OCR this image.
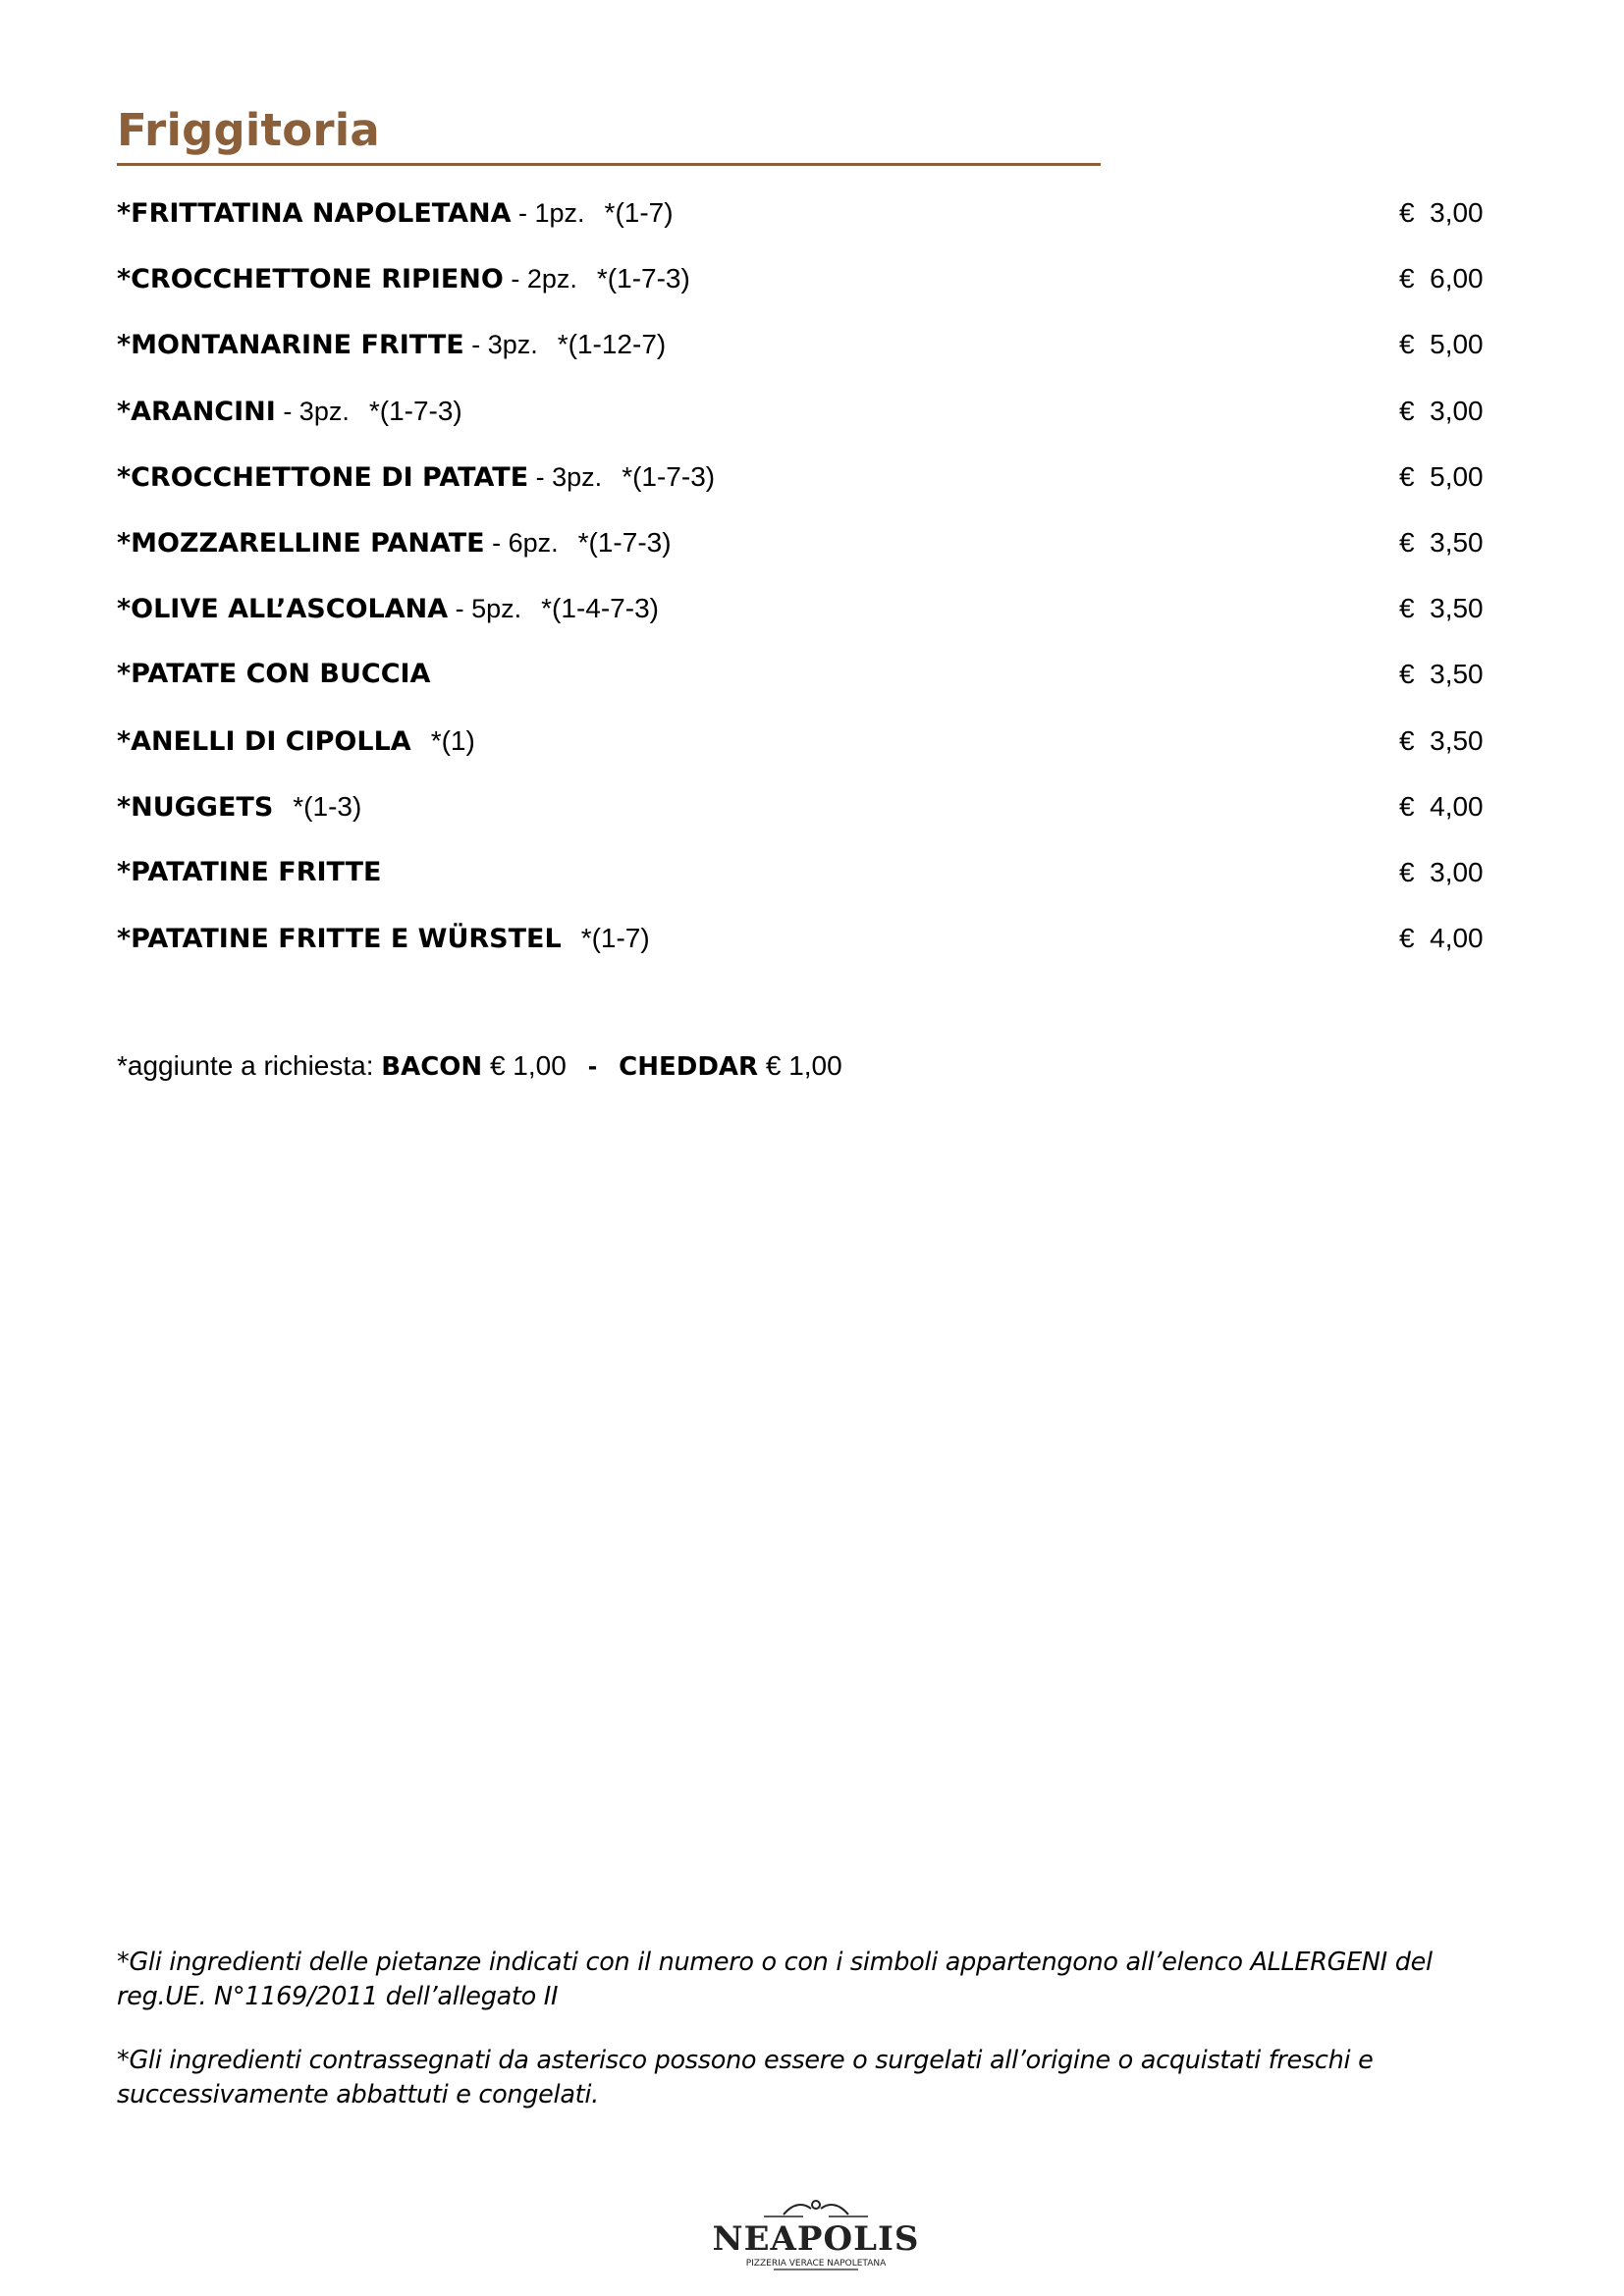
Friggitoria
*FRITTATINA NAPOLETANA - 1pz. *(1-7)	€  3,00
*CROCCHETTONE RIPIENO - 2pz. *(1-7-3)	€  6,00
*MONTANARINE FRITTE - 3pz. *(1-12-7)	€  5,00
*ARANCINI - 3pz. *(1-7-3)	€  3,00
*CROCCHETTONE DI PATATE - 3pz. *(1-7-3)	€  5,00
*MOZZARELLINE PANATE - 6pz. *(1-7-3)	€  3,50
*OLIVE ALL’ASCOLANA - 5pz. *(1-4-7-3)	€  3,50
*PATATE CON BUCCIA	€  3,50
*ANELLI DI CIPOLLA *(1)	€  3,50
*NUGGETS *(1-3)	€  4,00
*PATATINE FRITTE	€  3,00
*PATATINE FRITTE E WÜRSTEL *(1-7)	€  4,00
*aggiunte a richiesta: BACON € 1,00 - CHEDDAR € 1,00
*Gli ingredienti delle pietanze indicati con il numero o con i simboli appartengono all’elenco ALLERGENI del reg.UE. N°1169/2011 dell’allegato II
*Gli ingredienti contrassegnati da asterisco possono essere o surgelati all’origine o acquistati freschi e successivamente abbattuti e congelati.
NEAPOLIS
PIZZERIA VERACE NAPOLETANA
